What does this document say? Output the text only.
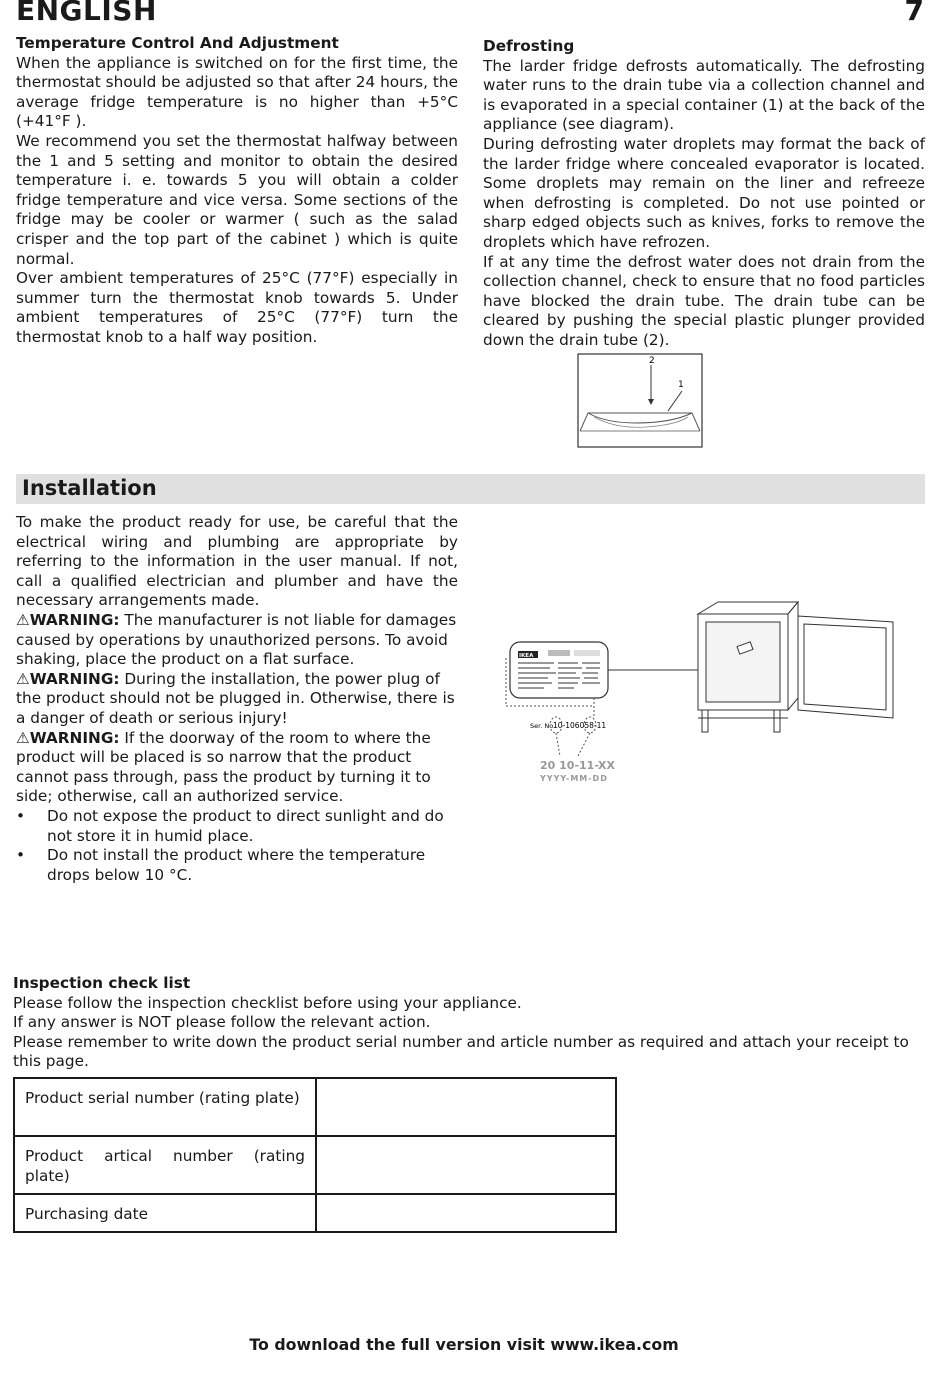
ENGLISH	7
Temperature Control And Adjustment

When the appliance is switched on for the first time, the thermostat should be adjusted so that after 24 hours, the average fridge temperature is no higher than +5°C (+41°F ).

We recommend you set the thermostat halfway between the 1 and 5 setting and monitor to obtain the desired temperature i. e. towards 5 you will obtain a colder fridge temperature and vice versa. Some sections of the fridge may be cooler or warmer ( such as the salad crisper and the top part of the cabinet ) which is quite normal.

Over ambient temperatures of 25°C (77°F) especially in summer turn the thermostat knob towards 5. Under ambient temperatures of 25°C (77°F) turn the thermostat knob to a half way position.

Defrosting

The larder fridge defrosts automatically. The defrosting water runs to the drain tube via a collection channel and is evaporated in a special container (1) at the back of the appliance (see diagram).

During defrosting water droplets may format the back of the larder fridge where concealed evaporator is located. Some droplets may remain on the liner and refreeze when defrosting is completed. Do not use pointed or sharp edged objects such as knives, forks to remove the droplets which have refrozen.

If at any time the defrost water does not drain from the collection channel, check to ensure that no food particles have blocked the drain tube. The drain tube can be cleared by pushing the special plastic plunger provided down the drain tube (2).

2
1
Installation

To make the product ready for use, be careful that the electrical wiring and plumbing are appropriate by referring to the information in the user manual. If not, call a qualified electrician and plumber and have the necessary arrangements made.

⚠WARNING: The manufacturer is not liable for damages caused by operations by unauthorized persons. To avoid shaking, place the product on a flat surface.

⚠WARNING: During the installation, the power plug of the product should not be plugged in. Otherwise, there is a danger of death or serious injury!

⚠WARNING: If the doorway of the room to where the product will be placed is so narrow that the product cannot pass through, pass the product by turning it to side; otherwise, call an authorized service.

• Do not expose the product to direct sunlight and do not store it in humid place.
• Do not install the product where the temperature drops below 10 °C.
IKEA
Ser. No.
10-106058-11
20 10-11-XX
YYYY-MM-DD
Inspection check list

Please follow the inspection checklist before using your appliance.

If any answer is NOT please follow the relevant action.

Please remember to write down the product serial number and article number as required and attach your receipt to this page.

Product serial number (rating plate)	
Product artical number (rating plate)	
Purchasing date	
To download the full version visit www.ikea.com
